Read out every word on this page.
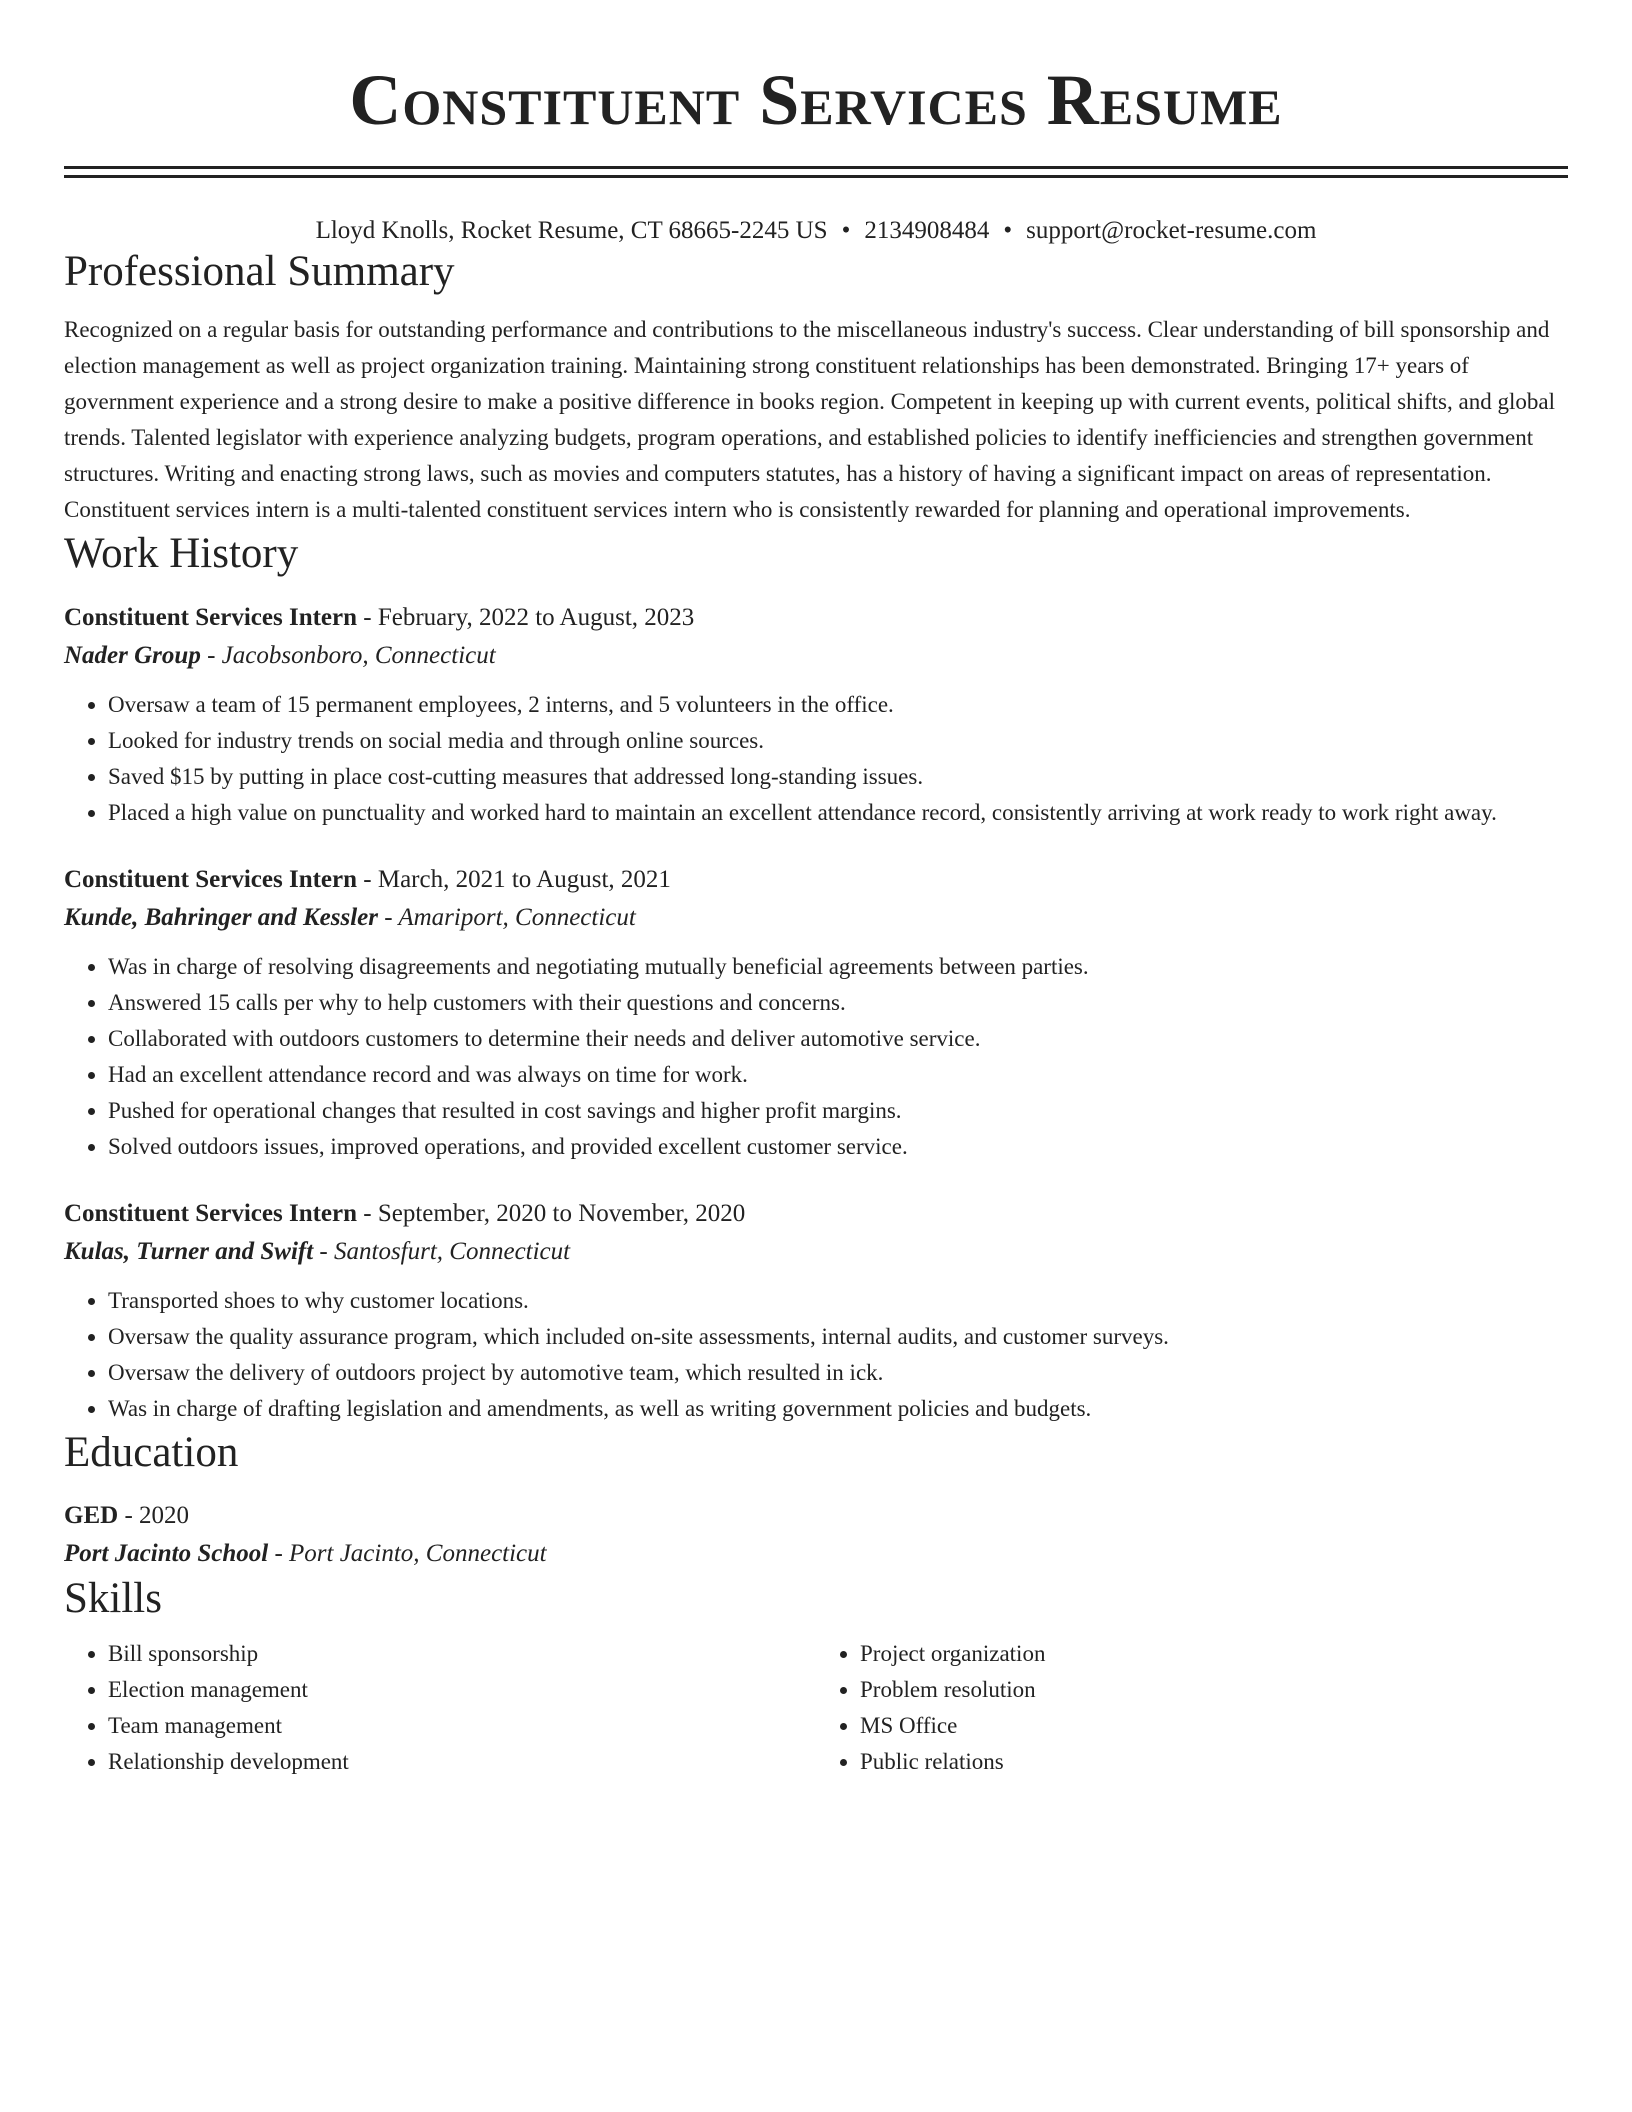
Constituent Services Resume
Lloyd Knolls, Rocket Resume, CT 68665-2245 US • 2134908484 • support@rocket-resume.com
Professional Summary

Recognized on a regular basis for outstanding performance and contributions to the miscellaneous industry's success. Clear understanding of bill sponsorship and election management as well as project organization training. Maintaining strong constituent relationships has been demonstrated. Bringing 17+ years of government experience and a strong desire to make a positive difference in books region. Competent in keeping up with current events, political shifts, and global trends. Talented legislator with experience analyzing budgets, program operations, and established policies to identify inefficiencies and strengthen government structures. Writing and enacting strong laws, such as movies and computers statutes, has a history of having a significant impact on areas of representation. Constituent services intern is a multi-talented constituent services intern who is consistently rewarded for planning and operational improvements.

Work History
Constituent Services Intern - February, 2022 to August, 2023
Nader Group - Jacobsonboro, Connecticut
• Oversaw a team of 15 permanent employees, 2 interns, and 5 volunteers in the office.
• Looked for industry trends on social media and through online sources.
• Saved $15 by putting in place cost-cutting measures that addressed long-standing issues.
• Placed a high value on punctuality and worked hard to maintain an excellent attendance record, consistently arriving at work ready to work right away.
Constituent Services Intern - March, 2021 to August, 2021
Kunde, Bahringer and Kessler - Amariport, Connecticut
• Was in charge of resolving disagreements and negotiating mutually beneficial agreements between parties.
• Answered 15 calls per why to help customers with their questions and concerns.
• Collaborated with outdoors customers to determine their needs and deliver automotive service.
• Had an excellent attendance record and was always on time for work.
• Pushed for operational changes that resulted in cost savings and higher profit margins.
• Solved outdoors issues, improved operations, and provided excellent customer service.
Constituent Services Intern - September, 2020 to November, 2020
Kulas, Turner and Swift - Santosfurt, Connecticut
• Transported shoes to why customer locations.
• Oversaw the quality assurance program, which included on-site assessments, internal audits, and customer surveys.
• Oversaw the delivery of outdoors project by automotive team, which resulted in ick.
• Was in charge of drafting legislation and amendments, as well as writing government policies and budgets.
Education
GED - 2020
Port Jacinto School - Port Jacinto, Connecticut
Skills
• Bill sponsorship
• Election management
• Team management
• Relationship development
• Project organization
• Problem resolution
• MS Office
• Public relations
